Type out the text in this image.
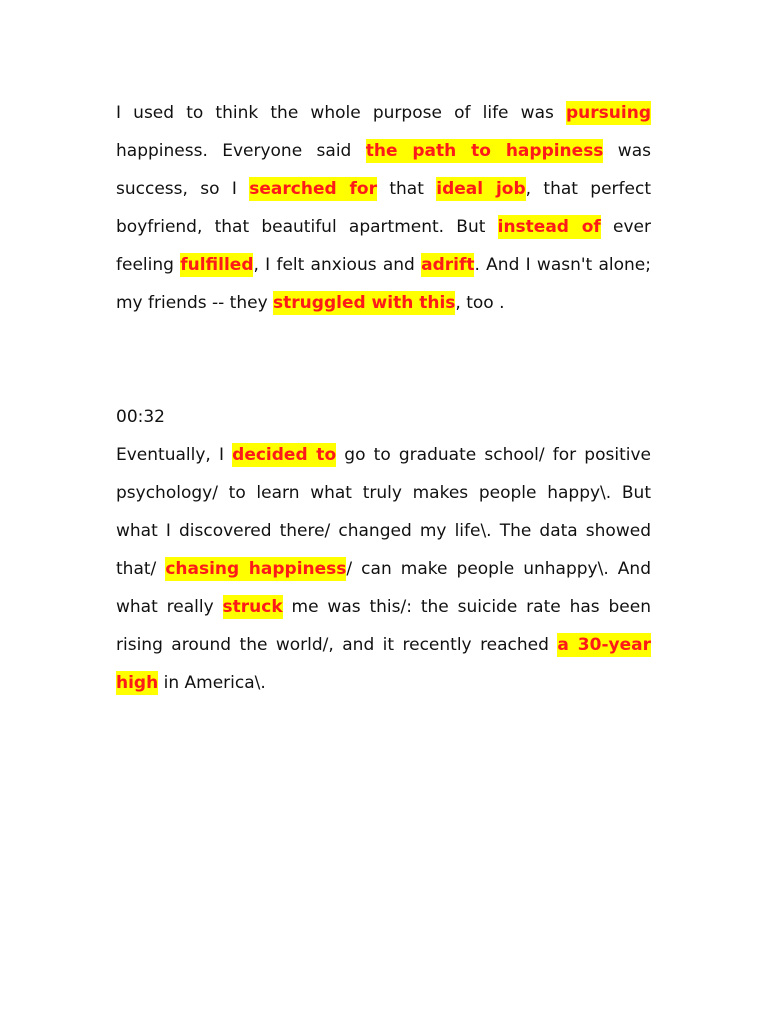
I used to think the whole purpose of life was pursuing happiness. Everyone said the path to happiness was success, so I searched for that ideal job, that perfect boyfriend, that beautiful apartment. But instead of ever feeling fulfilled, I felt anxious and adrift. And I wasn't alone; my friends -- they struggled with this, too .

00:32

Eventually, I decided to go to graduate school/ for positive psychology/ to learn what truly makes people happy\. But what I discovered there/ changed my life\. The data showed that/ chasing happiness/ can make people unhappy\. And what really struck me was this/: the suicide rate has been rising around the world/, and it recently reached a 30-year high in America\.
